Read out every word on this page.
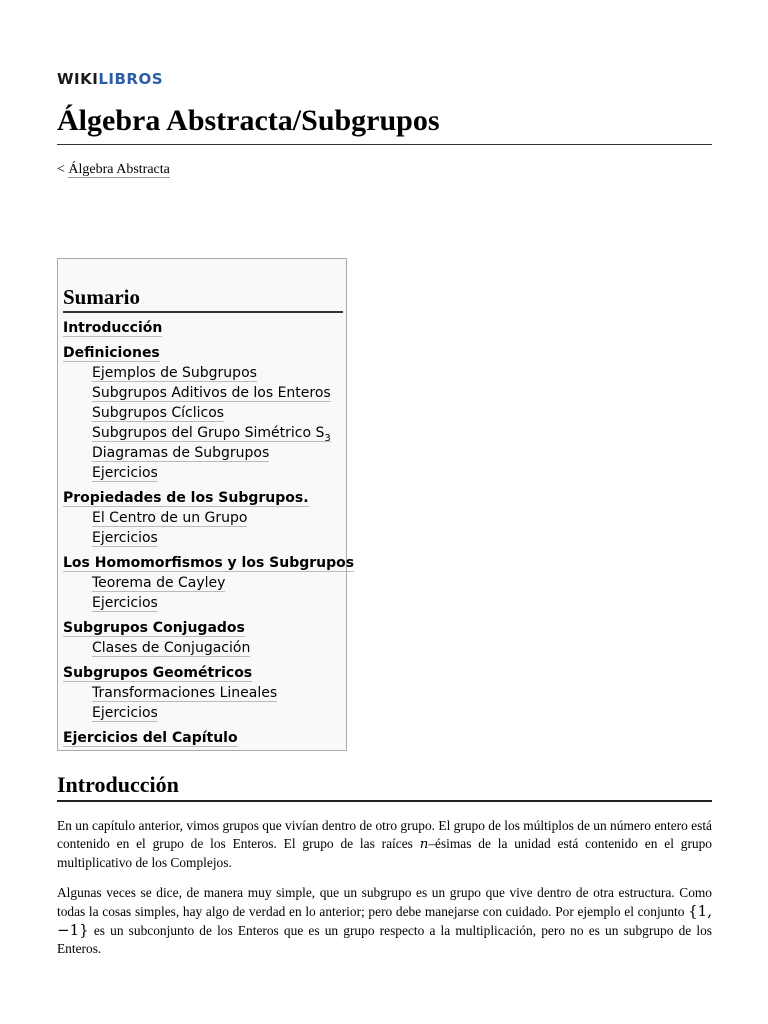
WIKILIBROS
Álgebra Abstracta/Subgrupos
< Álgebra Abstracta
Sumario
Introducción
Definiciones
Ejemplos de Subgrupos
Subgrupos Aditivos de los Enteros
Subgrupos Cíclicos
Subgrupos del Grupo Simétrico $S_3$
Diagramas de Subgrupos
Ejercicios
Propiedades de los Subgrupos.
El Centro de un Grupo
Ejercicios
Los Homomorfismos y los Subgrupos
Teorema de Cayley
Ejercicios
Subgrupos Conjugados
Clases de Conjugación
Subgrupos Geométricos
Transformaciones Lineales
Ejercicios
Ejercicios del Capítulo
Introducción

En un capítulo anterior, vimos grupos que vivían dentro de otro grupo. El grupo de los múltiplos de un número entero está contenido en el grupo de los Enteros. El grupo de las raíces n–ésimas de la unidad está contenido en el grupo multiplicativo de los Complejos.

Algunas veces se dice, de manera muy simple, que un subgrupo es un grupo que vive dentro de otra estructura. Como todas la cosas simples, hay algo de verdad en lo anterior; pero debe manejarse con cuidado. Por ejemplo el conjunto {1, −1} es un subconjunto de los Enteros que es un grupo respecto a la multiplicación, pero no es un subgrupo de los Enteros.
